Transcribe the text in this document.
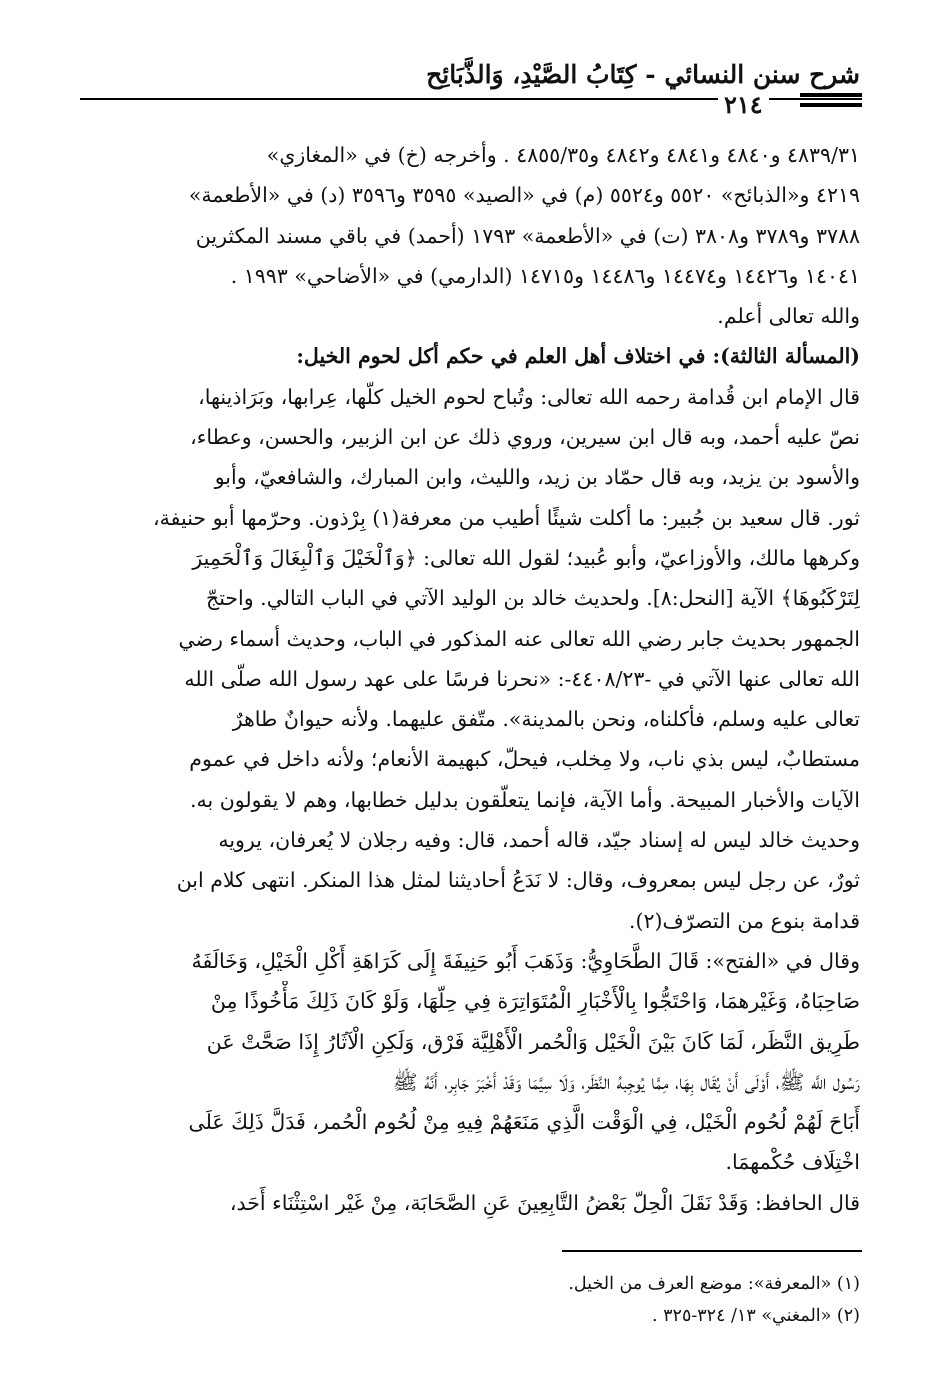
شرح سنن النسائي - كِتَابُ الصَّيْدِ، وَالذَّبَائِح
٢١٤
٤٨٣٩/٣١ و٤٨٤٠ و٤٨٤١ و٤٨٤٢ و٤٨٥٥/٣٥ . وأخرجه (خ) في «المغازي»
٤٢١٩ و«الذبائح» ٥٥٢٠ و٥٥٢٤ (م) في «الصيد» ٣٥٩٥ و٣٥٩٦ (د) في «الأطعمة»
٣٧٨٨ و٣٧٨٩ و٣٨٠٨ (ت) في «الأطعمة» ١٧٩٣ (أحمد) في باقي مسند المكثرين
١٤٠٤١ و١٤٤٢٦ و١٤٤٧٤ و١٤٤٨٦ و١٤٧١٥ (الدارمي) في «الأضاحي» ١٩٩٣ .
والله تعالى أعلم.
(المسألة الثالثة): في اختلاف أهل العلم في حكم أكل لحوم الخيل:
قال الإمام ابن قُدامة رحمه الله تعالى: وتُباح لحوم الخيل كلّها، عِرابها، وبَرَاذينها،
نصّ عليه أحمد، وبه قال ابن سيرين، وروي ذلك عن ابن الزبير، والحسن، وعطاء،
والأسود بن يزيد، وبه قال حمّاد بن زيد، والليث، وابن المبارك، والشافعيّ، وأبو
ثور. قال سعيد بن جُبير: ما أكلت شيئًا أطيب من معرفة(١) بِرْذون. وحرّمها أبو حنيفة،
وكرهها مالك، والأوزاعيّ، وأبو عُبيد؛ لقول الله تعالى: ﴿وَٱلْخَيْلَ وَٱلْبِغَالَ وَٱلْحَمِيرَ
لِتَرْكَبُوهَا﴾ الآية [النحل:٨]. ولحديث خالد بن الوليد الآتي في الباب التالي. واحتجّ
الجمهور بحديث جابر رضي الله تعالى عنه المذكور في الباب، وحديث أسماء رضي
الله تعالى عنها الآتي في -٤٤٠٨/٢٣-: «نحرنا فرسًا على عهد رسول الله صلّى الله
تعالى عليه وسلم، فأكلناه، ونحن بالمدينة». متّفق عليهما. ولأنه حيوانٌ طاهرٌ
مستطابٌ، ليس بذي ناب، ولا مِخلب، فيحلّ، كبهيمة الأنعام؛ ولأنه داخل في عموم
الآيات والأخبار المبيحة. وأما الآية، فإنما يتعلّقون بدليل خطابها، وهم لا يقولون به.
وحديث خالد ليس له إسناد جيّد، قاله أحمد، قال: وفيه رجلان لا يُعرفان، يرويه
ثورٌ، عن رجل ليس بمعروف، وقال: لا نَدَعُ أحاديثنا لمثل هذا المنكر. انتهى كلام ابن
قدامة بنوع من التصرّف(٢).
وقال في «الفتح»: قَالَ الطَّحَاوِيُّ: وَذَهَبَ أَبُو حَنِيفَةَ إِلَى كَرَاهَةِ أَكْلِ الْخَيْلِ، وَخَالَفَهُ
صَاحِبَاهُ، وَغَيْرهمَا، وَاحْتَجُّوا بِالْأَخْبَارِ الْمُتَوَاتِرَة فِي حِلّهَا، وَلَوْ كَانَ ذَلِكَ مَأْخُوذًا مِنْ
طَرِيق النَّظَر، لَمَا كَانَ بَيْنَ الْخَيْل وَالْحُمر الْأَهْلِيَّة فَرْق، وَلَكِنِ الْآثَارُ إِذَا صَحَّتْ عَن
رَسُول اللَّه ﷺ، أَوْلَى أَنْ يُقَال بِهَا، مِمَّا يُوجِبهُ النَّظَر، وَلَا سِيَّمَا وَقَدْ أَخْبَرَ جَابِر، أَنَّهُ ﷺ
أَبَاحَ لَهُمْ لُحُوم الْخَيْل، فِي الْوَقْت الَّذِي مَنَعَهُمْ فِيهِ مِنْ لُحُوم الْحُمر، فَدَلَّ ذَلِكَ عَلَى
اخْتِلَاف حُكْمهمَا.
قال الحافظ: وَقَدْ نَقَلَ الْحِلّ بَعْضُ التَّابِعِينَ عَنِ الصَّحَابَة، مِنْ غَيْر اسْتِثْنَاء أَحَد،
(١) «المعرفة»: موضع العرف من الخيل.
(٢) «المغني» ١٣/ ٣٢٤-٣٢٥ .
